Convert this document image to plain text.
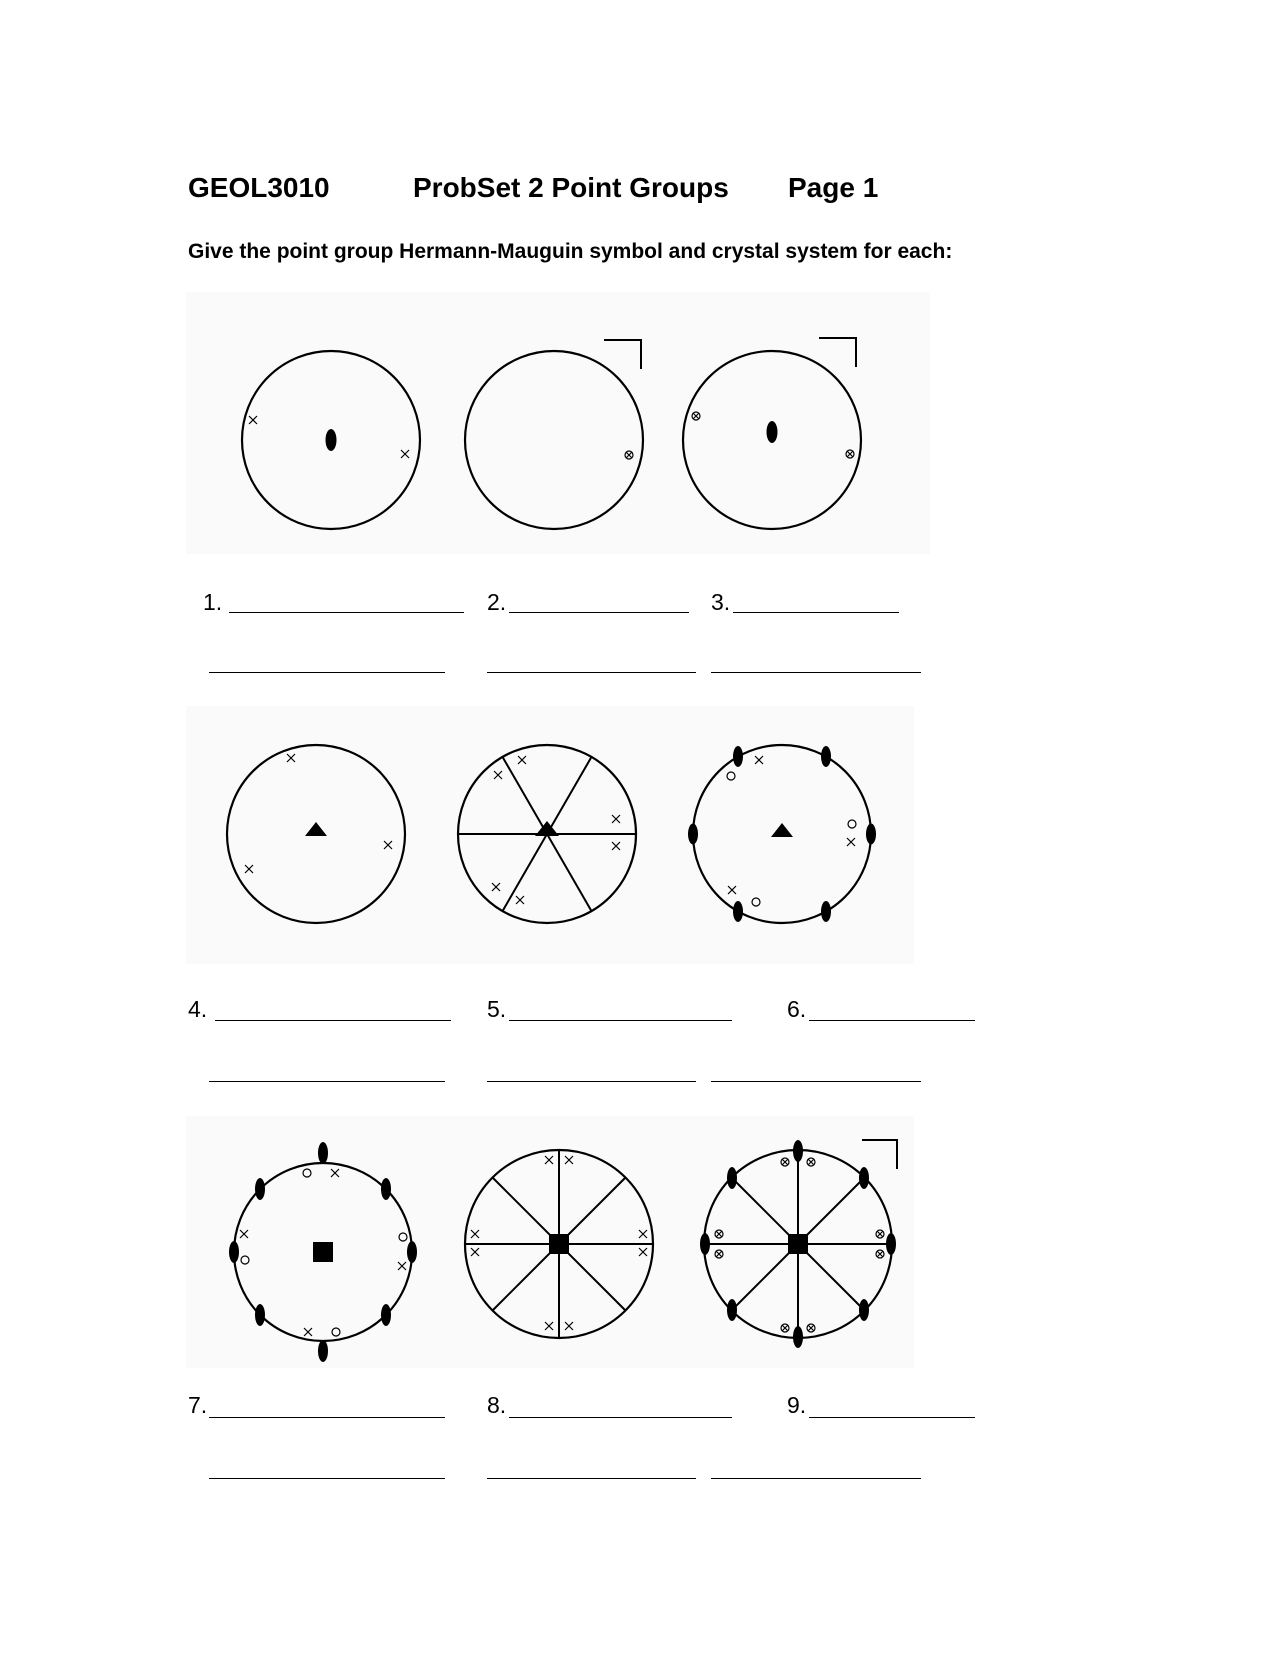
GEOL3010	ProbSet 2 Point Groups Page 1
Give the point group Hermann-Mauguin symbol and crystal system for each:
1.	2.	3.
4.	5.	6.
7.	8.	9.
